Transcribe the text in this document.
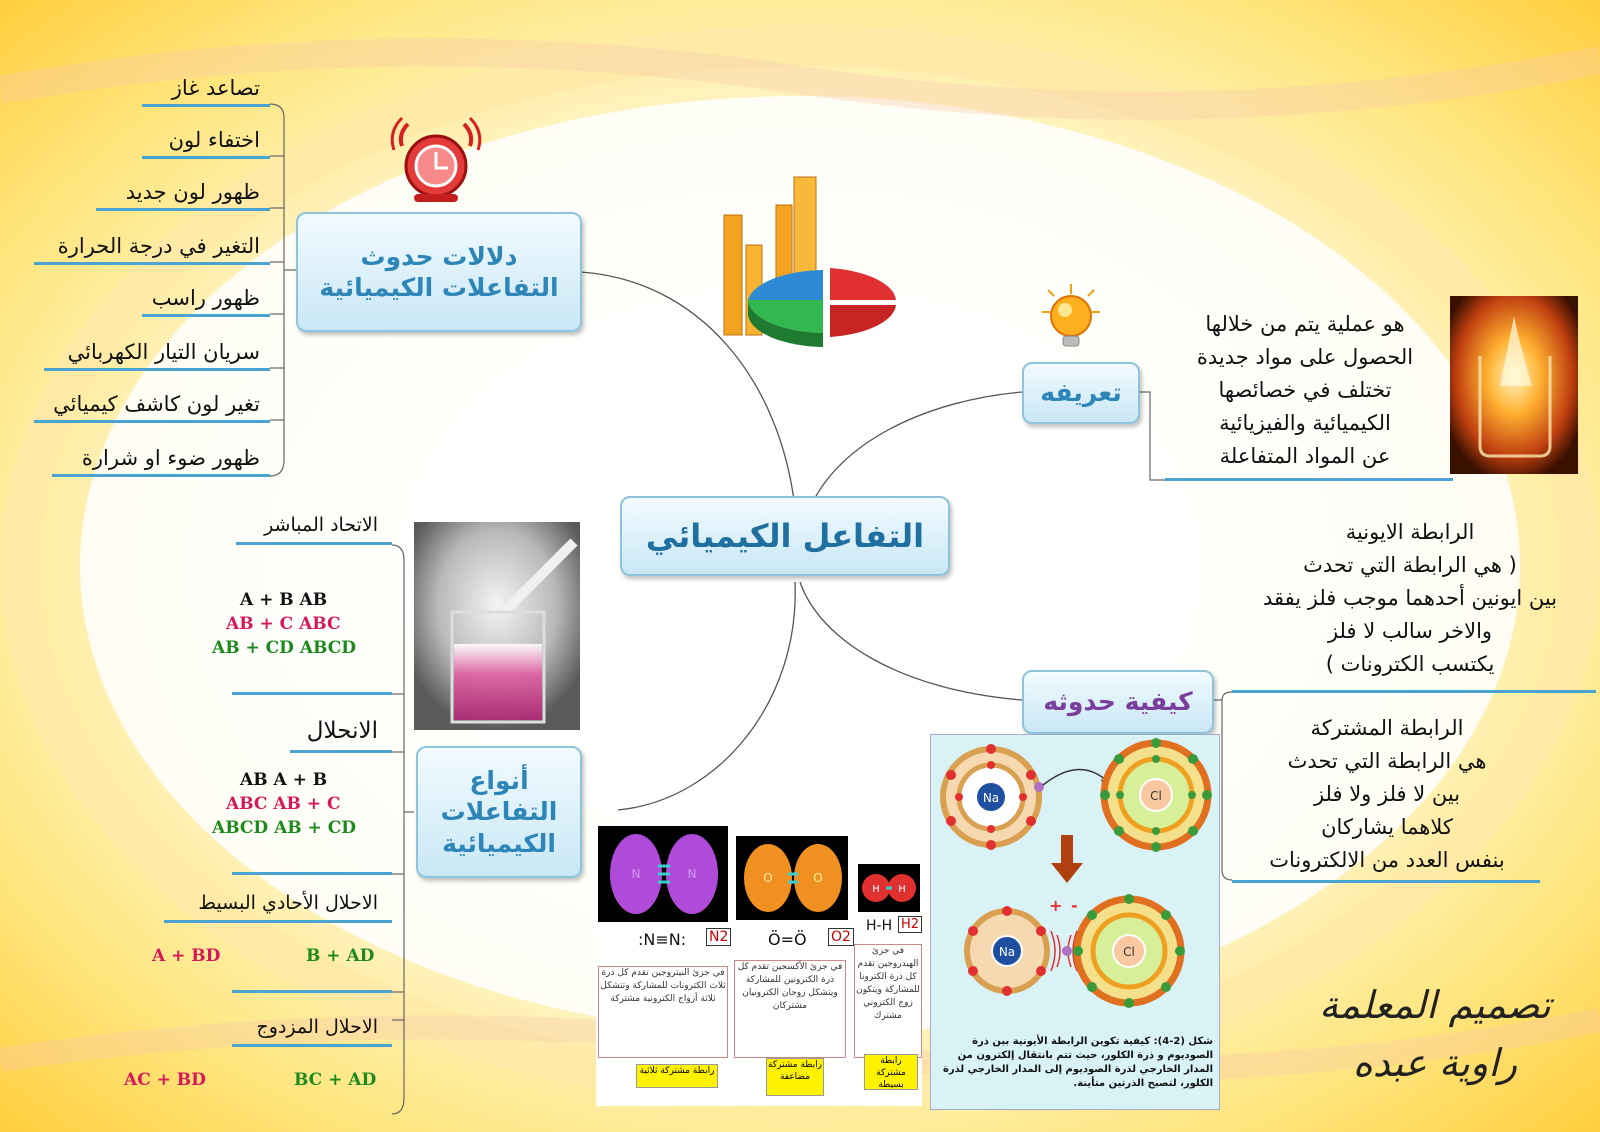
دلالات حدوث التفاعلات الكيميائية
تصاعد غاز
اختفاء لون
ظهور لون جديد
التغير في درجة الحرارة
ظهور راسب
سريان التيار الكهربائي
تغير لون كاشف كيميائي
ظهور ضوء او شرارة
التفاعل الكيميائي
تعريفه
هو عملية يتم من خلالها
الحصول على مواد جديدة
تختلف في خصائصها
الكيميائية والفيزيائية
عن المواد المتفاعلة
كيفية حدوثه
الرابطة الايونية
( هي الرابطة التي تحدث
بين ايونين أحدهما موجب فلز يفقد
والاخر سالب لا فلز
يكتسب الكترونات )
الرابطة المشتركة
هي الرابطة التي تحدث
بين لا فلز ولا فلز
كلاهما يشاركان
بنفس العدد من الالكترونات
Na	Cl
Na
+ -
Cl
شكل (2-4): كيفية تكوين الرابطة الأيونية بين ذرة الصوديوم و ذرة الكلور، حيث تتم بانتقال إلكترون من المدار الخارجي لذرة الصوديوم إلى المدار الخارجي لذرة الكلور، لتصبح الذرتين متأينة.
أنواع التفاعلات الكيميائية
الاتحاد المباشر
A + B AB
AB + C ABC
AB + CD ABCD
الانحلال
AB A + B
ABC AB + C
ABCD AB + CD
الاحلال الأحادي البسيط
A + BD	B + AD
الاحلال المزدوج
AC + BD	BC + AD
N	N	O	O
H H
:N≡N: N2 Ö=Ö O2
H-H H2
في جزئ النيتروجين تقدم كل ذرة ثلاث الكترونات للمشاركة وتتشكل ثلاثة أزواج الكترونية مشتركة
في جزئ الأكسجين تقدم كل ذرة الكترونين للمشاركة ويتشكل زوجان الكترونيان مشتركان
في جزئ الهيدروجين تقدم كل ذرة الكترونا للمشاركة ويتكون زوج الكتروني مشترك
رابطة مشتركة ثلاثية
رابطة مشتركة مضاعفة
رابطة مشتركة بسيطة
تصميم المعلمة
راوية عبده
